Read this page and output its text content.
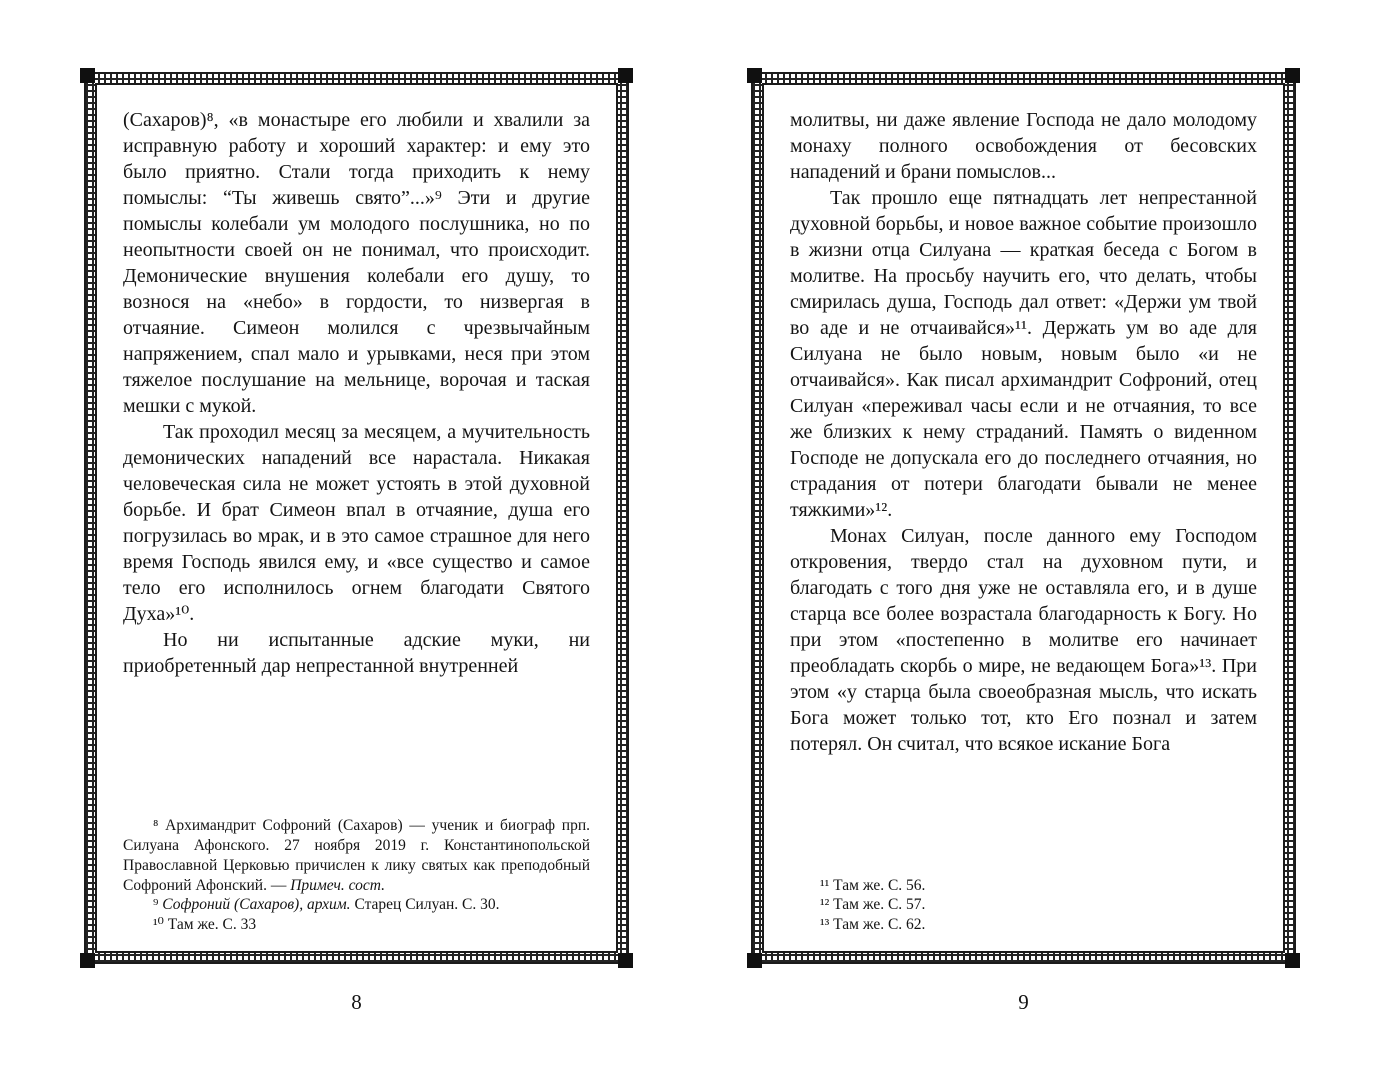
(Сахаров)⁸, «в монастыре его любили и хвалили за исправную работу и хороший характер: и ему это было приятно. Стали тогда приходить к нему помыслы: “Ты живешь свято”...»⁹ Эти и другие помыслы колебали ум молодого послушника, но по неопытности своей он не понимал, что происходит. Демонические внушения колебали его душу, то вознося на «небо» в гордости, то низвергая в отчаяние. Симеон молился с чрезвычайным напряжением, спал мало и урывками, неся при этом тяжелое послушание на мельнице, ворочая и таская мешки с мукой.

Так проходил месяц за месяцем, а мучительность демонических нападений все нарастала. Никакая человеческая сила не может устоять в этой духовной борьбе. И брат Симеон впал в отчаяние, душа его погрузилась во мрак, и в это самое страшное для него время Господь явился ему, и «все существо и самое тело его исполнилось огнем благодати Святого Духа»¹⁰.

Но ни испытанные адские муки, ни приобретенный дар непрестанной внутренней

⁸ Архимандрит Софроний (Сахаров) — ученик и биограф прп. Силуана Афонского. 27 ноября 2019 г. Константинопольской Православной Церковью причислен к лику святых как преподобный Софроний Афонский. — Примеч. сост.

⁹ Софроний (Сахаров), архим. Старец Силуан. С. 30.

¹⁰ Там же. С. 33

8

молитвы, ни даже явление Господа не дало молодому монаху полного освобождения от бесовских нападений и брани помыслов...

Так прошло еще пятнадцать лет непрестанной духовной борьбы, и новое важное событие произошло в жизни отца Силуана — краткая беседа с Богом в молитве. На просьбу научить его, что делать, чтобы смирилась душа, Господь дал ответ: «Держи ум твой во аде и не отчаивайся»¹¹. Держать ум во аде для Силуана не было новым, новым было «и не отчаивайся». Как писал архимандрит Софроний, отец Силуан «переживал часы если и не отчаяния, то все же близких к нему страданий. Память о виденном Господе не допускала его до последнего отчаяния, но страдания от потери благодати бывали не менее тяжкими»¹².

Монах Силуан, после данного ему Господом откровения, твердо стал на духовном пути, и благодать с того дня уже не оставляла его, и в душе старца все более возрастала благодарность к Богу. Но при этом «постепенно в молитве его начинает преобладать скорбь о мире, не ведающем Бога»¹³. При этом «у старца была своеобразная мысль, что искать Бога может только тот, кто Его познал и затем потерял. Он считал, что всякое искание Бога

¹¹ Там же. С. 56.

¹² Там же. С. 57.

¹³ Там же. С. 62.

9
